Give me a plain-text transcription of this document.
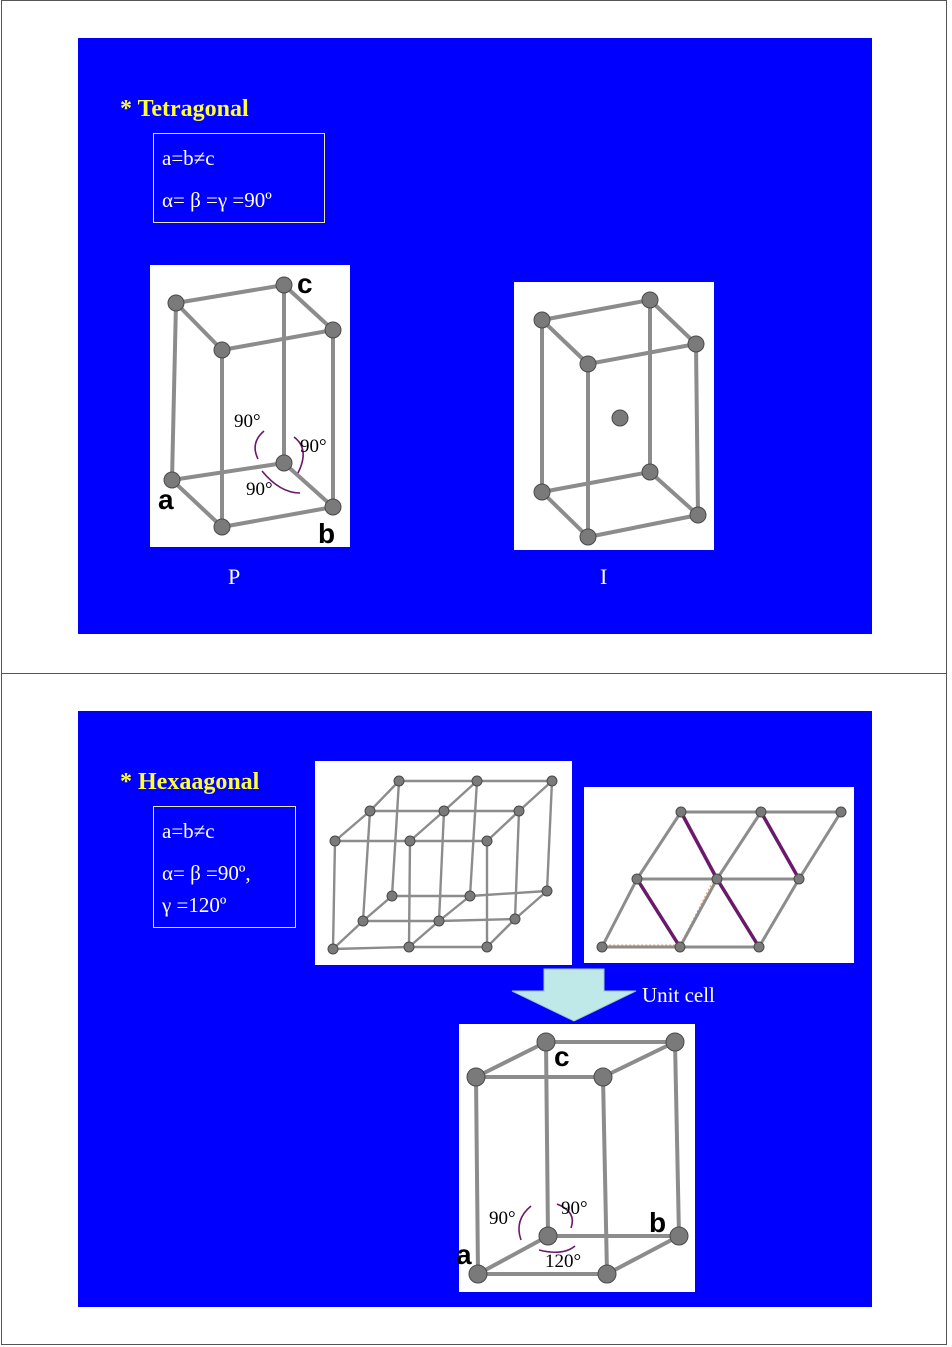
* Tetragonal
a=b≠c
α= β =γ =90º
90°
90°
90°
c
a
b
P	I
* Hexaagonal
a=b≠c
α= β =90º,
γ =120º
Unit cell
90° 90°
120°
c
a
b
